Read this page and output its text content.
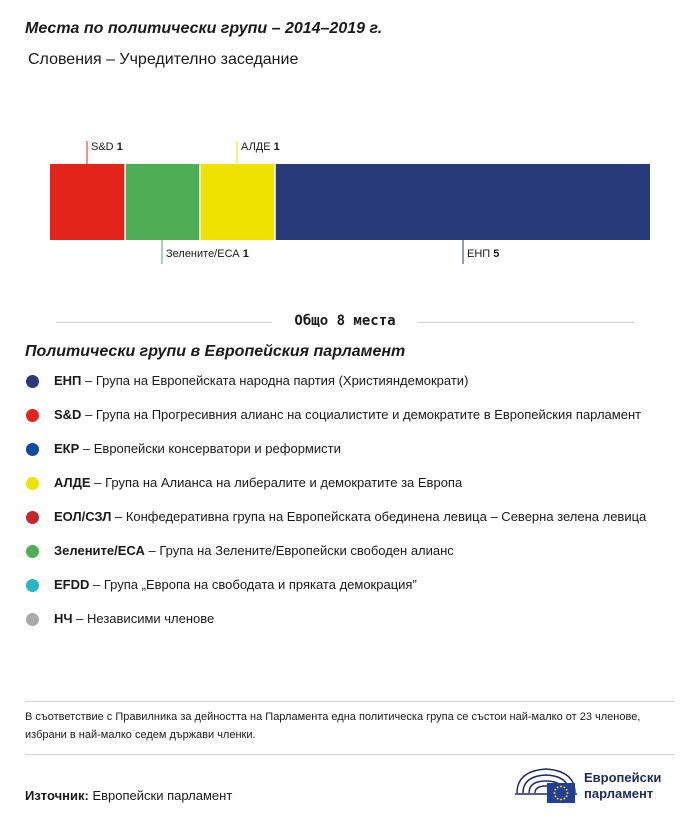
Места по политически групи – 2014–2019 г.
Словения – Учредително заседание
S&D 1
Зелените/ЕСА 1
АЛДЕ 1
ЕНП 5
Общо 8 места
Политически групи в Европейския парламент
ЕНП – Група на Европейската народна партия (Християндемократи)
S&D – Група на Прогресивния алианс на социалистите и демократите в Европейския парламент
ЕКР – Европейски консерватори и реформисти
АЛДЕ – Група на Алианса на либералите и демократите за Европа
ЕОЛ/СЗЛ – Конфедеративна група на Европейската обединена левица – Северна зелена левица
Зелените/ЕСА – Група на Зелените/Европейски свободен алианс
EFDD – Група „Европа на свободата и пряката демокрация”
НЧ – Независими членове
В съответствие с Правилника за дейността на Парламента една политическа група се състои най-малко от 23 членове, избрани в най-малко седем държави членки.
Източник: Европейски парламент
Европейски
парламент
